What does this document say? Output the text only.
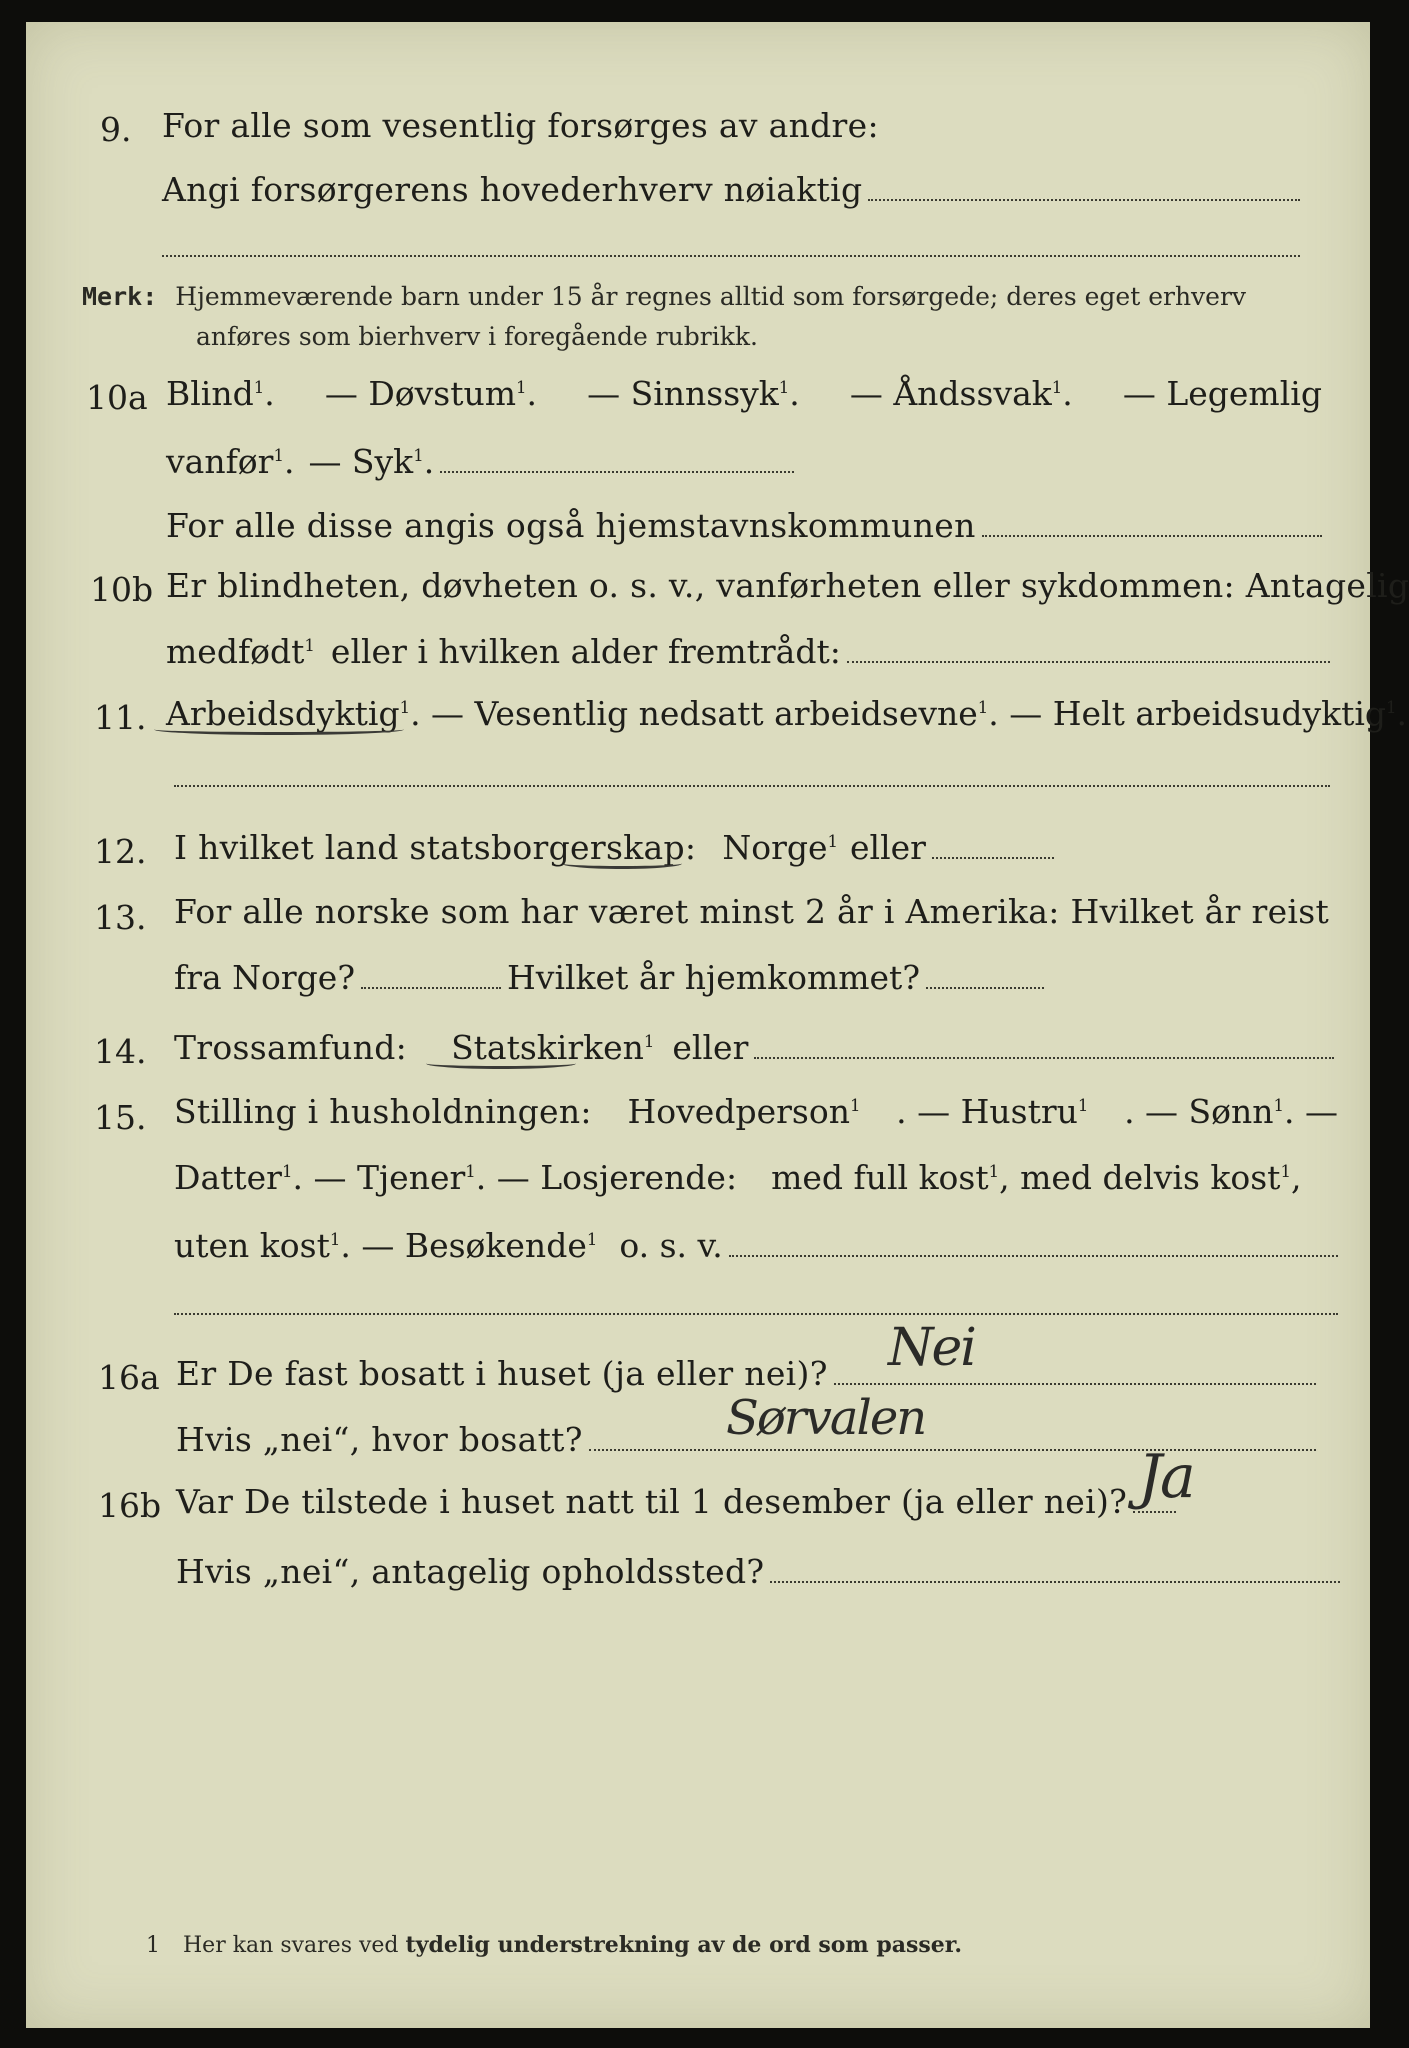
9. For alle som vesentlig forsørges av andre:
Angi forsørgerens hovederhverv nøiaktig
Merk: Hjemmeværende barn under 15 år regnes alltid som forsørgede; deres eget erhverv
anføres som bierhverv i foregående rubrikk.
10a Blind$^1$. — Døvstum$^1$. — Sinnssyk$^1$. — Åndssvak$^1$. — Legemlig
vanfør$^1$. — Syk$^1$.
For alle disse angis også hjemstavnskommunen
10b Er blindheten, døvheten o. s. v., vanførheten eller sykdommen: Antagelig
medfødt$^1$ eller i hvilken alder fremtrådt:
11. Arbeidsdyktig$^1$ . — Vesentlig nedsatt arbeidsevne$^1$ . — Helt arbeidsudyktig$^1$.
12. I hvilket land statsborgerskap: Norge$^1$ eller
13. For alle norske som har været minst 2 år i Amerika: Hvilket år reist
fra Norge?	Hvilket år hjemkommet?
14. Trossamfund: Statskirken$^1$ eller
15. Stilling i husholdningen: Hovedperson$^1$ . — Hustru$^1$ . — Sønn$^1$. —
Datter$^1$ . — Tjener$^1$ . — Losjerende: med full kost$^1$ , med delvis kost$^1$,
uten kost$^1$ . — Besøkende$^1$ o. s. v.
16a Er De fast bosatt i huset (ja eller nei)? Nei
Hvis „nei“, hvor bosatt?	Sørvalen
16b Var De tilstede i huset natt til 1 desember (ja eller nei)? Ja
Hvis „nei“, antagelig opholdssted?
1 Her kan svares ved tydelig understrekning av de ord som passer.
